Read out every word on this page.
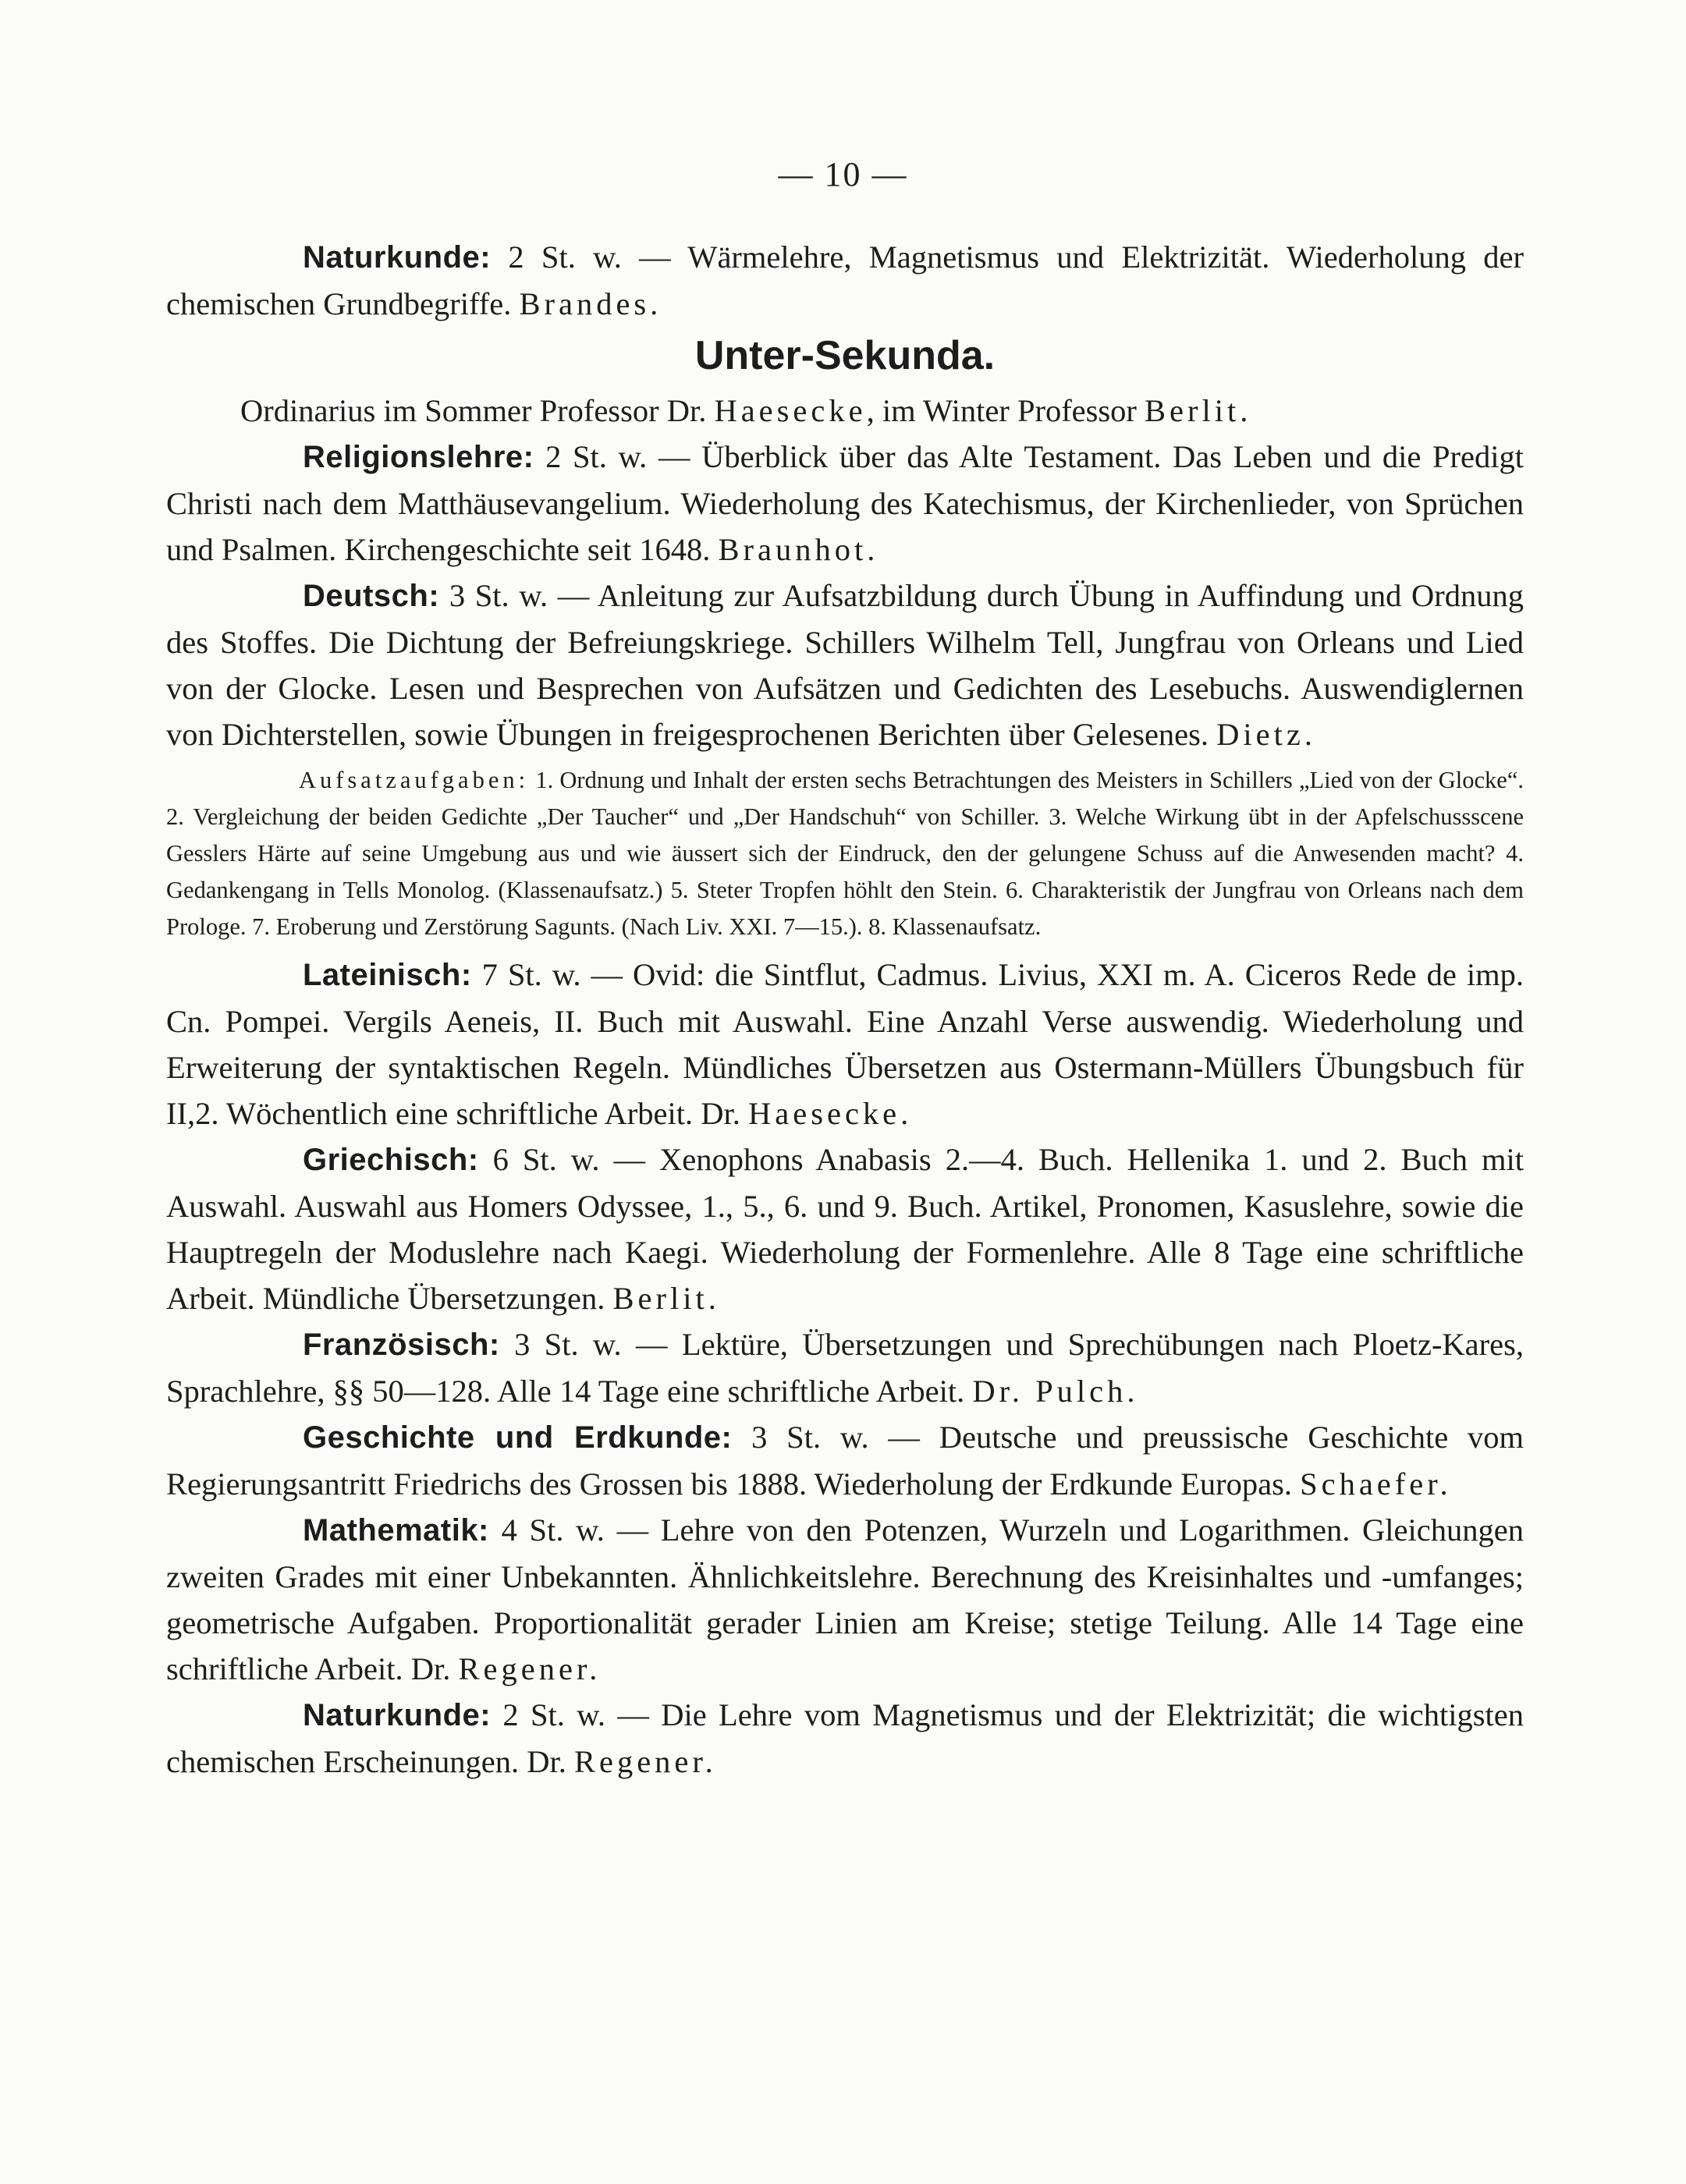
— 10 —

Naturkunde: 2 St. w. — Wärmelehre, Magnetismus und Elektrizität. Wiederholung der chemischen Grundbegriffe. Brandes.

Unter-Sekunda.

Ordinarius im Sommer Professor Dr. Haesecke, im Winter Professor Berlit.

Religionslehre: 2 St. w. — Überblick über das Alte Testament. Das Leben und die Predigt Christi nach dem Matthäusevangelium. Wiederholung des Katechismus, der Kirchenlieder, von Sprüchen und Psalmen. Kirchengeschichte seit 1648. Braunhot.

Deutsch: 3 St. w. — Anleitung zur Aufsatzbildung durch Übung in Auffindung und Ordnung des Stoffes. Die Dichtung der Befreiungskriege. Schillers Wilhelm Tell, Jungfrau von Orleans und Lied von der Glocke. Lesen und Besprechen von Aufsätzen und Gedichten des Lesebuchs. Auswendiglernen von Dichterstellen, sowie Übungen in freigesprochenen Berichten über Gelesenes. Dietz.

Aufsatzaufgaben: 1. Ordnung und Inhalt der ersten sechs Betrachtungen des Meisters in Schillers „Lied von der Glocke“. 2. Vergleichung der beiden Gedichte „Der Taucher“ und „Der Handschuh“ von Schiller. 3. Welche Wirkung übt in der Apfelschussscene Gesslers Härte auf seine Umgebung aus und wie äussert sich der Eindruck, den der gelungene Schuss auf die Anwesenden macht? 4. Gedankengang in Tells Monolog. (Klassenaufsatz.) 5. Steter Tropfen höhlt den Stein. 6. Charakteristik der Jungfrau von Orleans nach dem Prologe. 7. Eroberung und Zerstörung Sagunts. (Nach Liv. XXI. 7—15.). 8. Klassenaufsatz.

Lateinisch: 7 St. w. — Ovid: die Sintflut, Cadmus. Livius, XXI m. A. Ciceros Rede de imp. Cn. Pompei. Vergils Aeneis, II. Buch mit Auswahl. Eine Anzahl Verse auswendig. Wiederholung und Erweiterung der syntaktischen Regeln. Mündliches Übersetzen aus Ostermann-Müllers Übungsbuch für II,2. Wöchentlich eine schriftliche Arbeit. Dr. Haesecke.

Griechisch: 6 St. w. — Xenophons Anabasis 2.—4. Buch. Hellenika 1. und 2. Buch mit Auswahl. Auswahl aus Homers Odyssee, 1., 5., 6. und 9. Buch. Artikel, Pronomen, Kasuslehre, sowie die Hauptregeln der Moduslehre nach Kaegi. Wiederholung der Formenlehre. Alle 8 Tage eine schriftliche Arbeit. Mündliche Übersetzungen. Berlit.

Französisch: 3 St. w. — Lektüre, Übersetzungen und Sprechübungen nach Ploetz-Kares, Sprachlehre, §§ 50—128. Alle 14 Tage eine schriftliche Arbeit. Dr. Pulch.

Geschichte und Erdkunde: 3 St. w. — Deutsche und preussische Geschichte vom Regierungsantritt Friedrichs des Grossen bis 1888. Wiederholung der Erdkunde Europas. Schaefer.

Mathematik: 4 St. w. — Lehre von den Potenzen, Wurzeln und Logarithmen. Gleichungen zweiten Grades mit einer Unbekannten. Ähnlichkeitslehre. Berechnung des Kreisinhaltes und -umfanges; geometrische Aufgaben. Proportionalität gerader Linien am Kreise; stetige Teilung. Alle 14 Tage eine schriftliche Arbeit. Dr. Regener.

Naturkunde: 2 St. w. — Die Lehre vom Magnetismus und der Elektrizität; die wichtigsten chemischen Erscheinungen. Dr. Regener.
